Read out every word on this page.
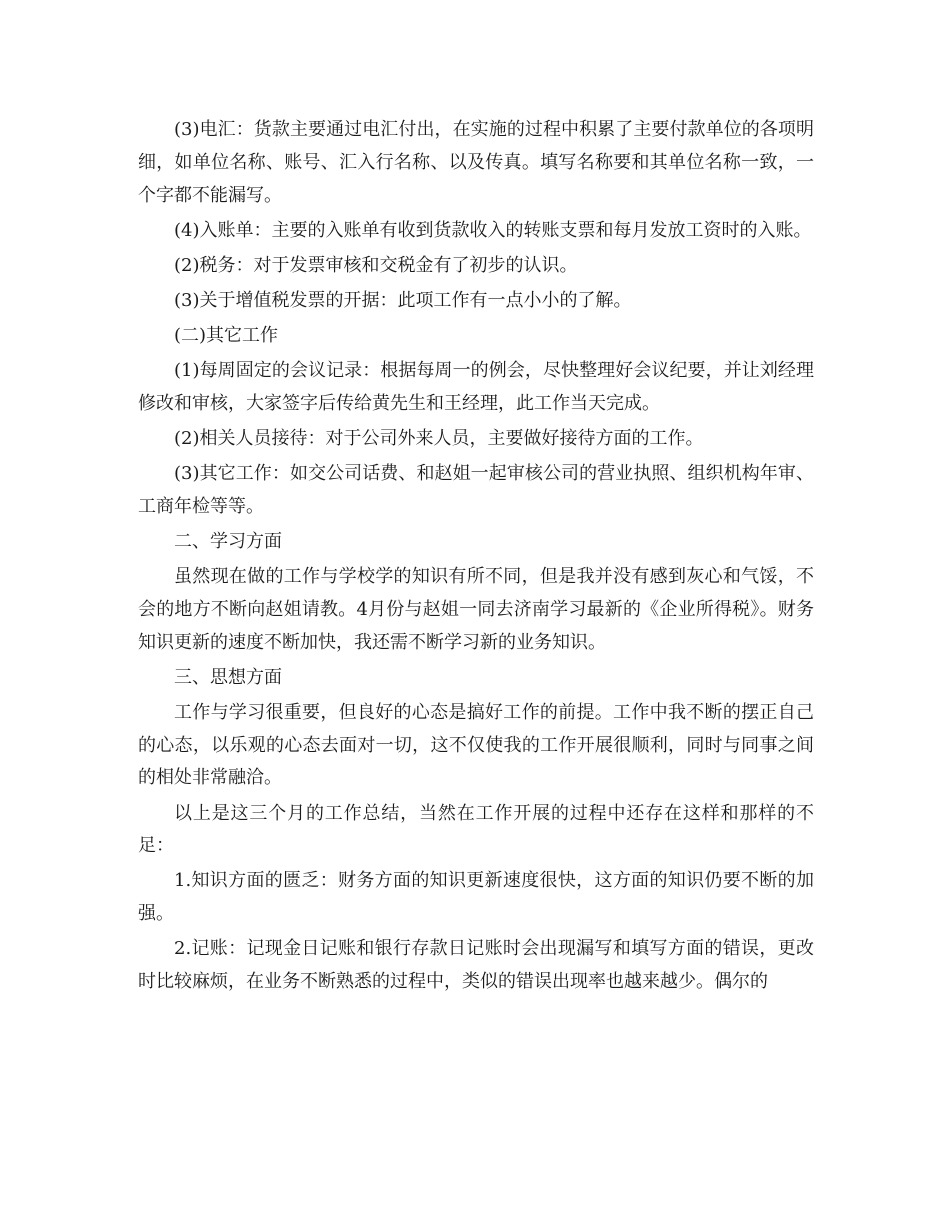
(3)电汇：货款主要通过电汇付出，在实施的过程中积累了主要付款单位的各项明细，如单位名称、账号、汇入行名称、以及传真。填写名称要和其单位名称一致，一个字都不能漏写。

(4)入账单：主要的入账单有收到货款收入的转账支票和每月发放工资时的入账。

(2)税务：对于发票审核和交税金有了初步的认识。

(3)关于增值税发票的开据：此项工作有一点小小的了解。

(二)其它工作

(1)每周固定的会议记录：根据每周一的例会，尽快整理好会议纪要，并让刘经理修改和审核，大家签字后传给黄先生和王经理，此工作当天完成。

(2)相关人员接待：对于公司外来人员，主要做好接待方面的工作。

(3)其它工作：如交公司话费、和赵姐一起审核公司的营业执照、组织机构年审、工商年检等等。

二、学习方面

虽然现在做的工作与学校学的知识有所不同，但是我并没有感到灰心和气馁，不会的地方不断向赵姐请教。4月份与赵姐一同去济南学习最新的《企业所得税》。财务知识更新的速度不断加快，我还需不断学习新的业务知识。

三、思想方面

工作与学习很重要，但良好的心态是搞好工作的前提。工作中我不断的摆正自己的心态，以乐观的心态去面对一切，这不仅使我的工作开展很顺利，同时与同事之间的相处非常融洽。

以上是这三个月的工作总结，当然在工作开展的过程中还存在这样和那样的不足：

1.知识方面的匮乏：财务方面的知识更新速度很快，这方面的知识仍要不断的加强。

2.记账：记现金日记账和银行存款日记账时会出现漏写和填写方面的错误，更改时比较麻烦，在业务不断熟悉的过程中，类似的错误出现率也越来越少。偶尔的
